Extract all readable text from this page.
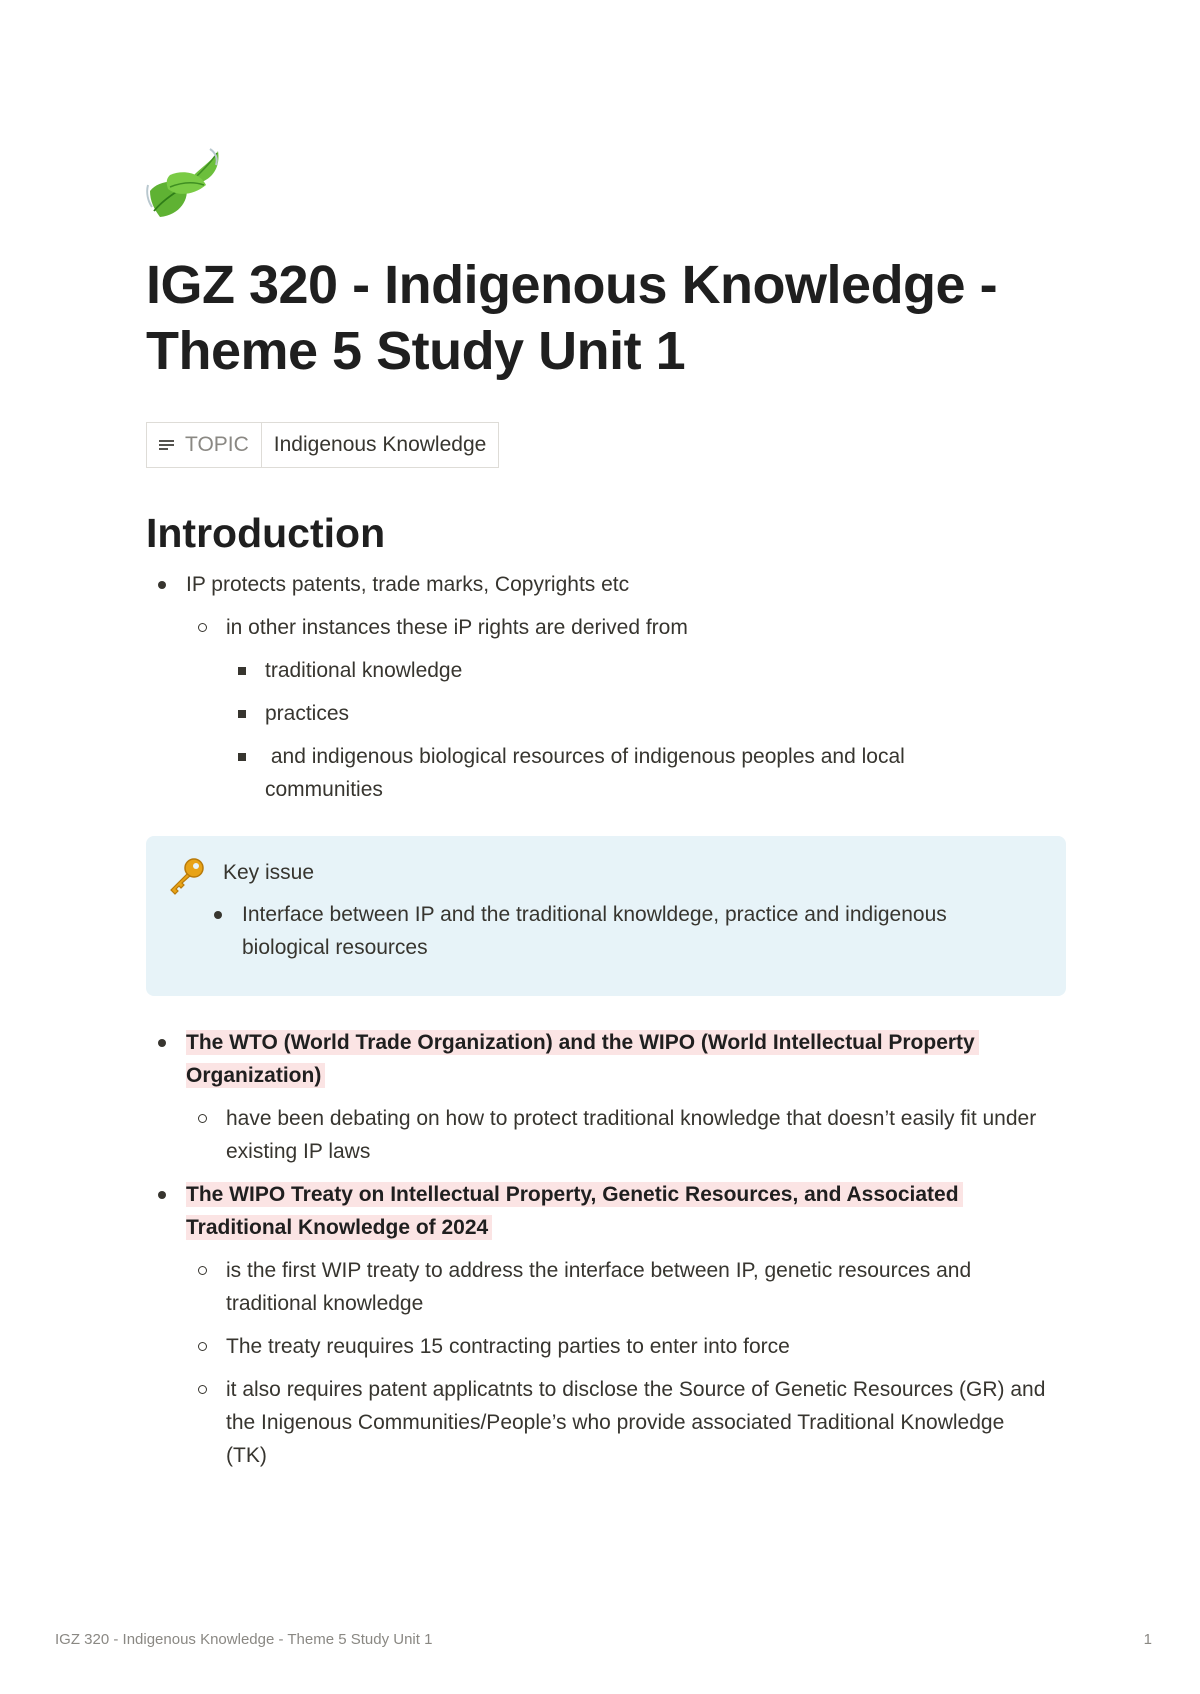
IGZ 320 - Indigenous Knowledge -
Theme 5 Study Unit 1
TOPIC	Indigenous Knowledge
Introduction
IP protects patents, trade marks, Copyrights etc
in other instances these iP rights are derived from
traditional knowledge
practices
and indigenous biological resources of indigenous peoples and local communities
Key issue
Interface between IP and the traditional knowldege, practice and indigenous biological resources
The WTO (World Trade Organization) and the WIPO (World Intellectual Property Organization)
have been debating on how to protect traditional knowledge that doesn’t easily fit under existing IP laws
The WIPO Treaty on Intellectual Property, Genetic Resources, and Associated Traditional Knowledge of 2024
is the first WIP treaty to address the interface between IP, genetic resources and traditional knowledge
The treaty reuquires 15 contracting parties to enter into force
it also requires patent applicatnts to disclose the Source of Genetic Resources (GR) and the Inigenous Communities/People’s who provide associated Traditional Knowledge (TK)
IGZ 320 - Indigenous Knowledge - Theme 5 Study Unit 1	1
